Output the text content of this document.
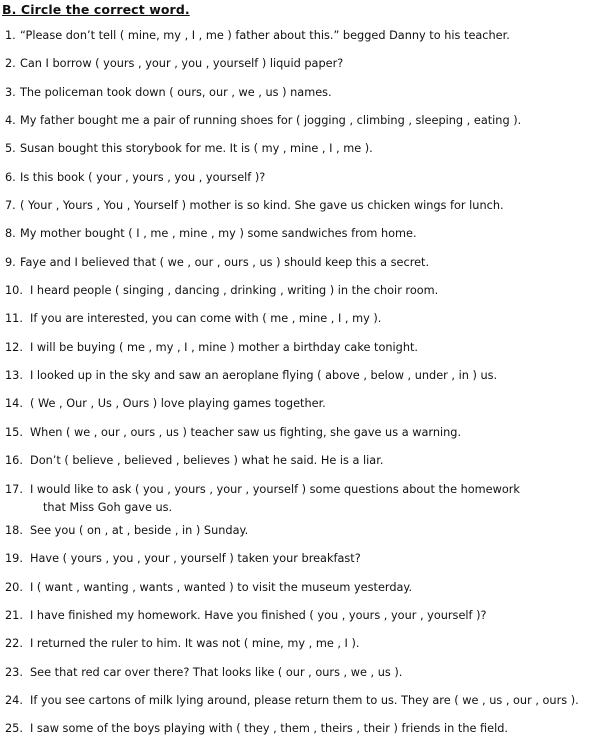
B. Circle the correct word.
1. “Please don’t tell ( mine, my , I , me ) father about this.” begged Danny to his teacher.
2. Can I borrow ( yours , your , you , yourself ) liquid paper?
3. The policeman took down ( ours, our , we , us ) names.
4. My father bought me a pair of running shoes for ( jogging , climbing , sleeping , eating ).
5. Susan bought this storybook for me. It is ( my , mine , I , me ).
6. Is this book ( your , yours , you , yourself )?
7. ( Your , Yours , You , Yourself ) mother is so kind. She gave us chicken wings for lunch.
8. My mother bought ( I , me , mine , my ) some sandwiches from home.
9. Faye and I believed that ( we , our , ours , us ) should keep this a secret.
10. I heard people ( singing , dancing , drinking , writing ) in the choir room.
11. If you are interested, you can come with ( me , mine , I , my ).
12. I will be buying ( me , my , I , mine ) mother a birthday cake tonight.
13. I looked up in the sky and saw an aeroplane flying ( above , below , under , in ) us.
14. ( We , Our , Us , Ours ) love playing games together.
15. When ( we , our , ours , us ) teacher saw us fighting, she gave us a warning.
16. Don’t ( believe , believed , believes ) what he said. He is a liar.
17. I would like to ask ( you , yours , your , yourself ) some questions about the homework
that Miss Goh gave us.
18. See you ( on , at , beside , in ) Sunday.
19. Have ( yours , you , your , yourself ) taken your breakfast?
20. I ( want , wanting , wants , wanted ) to visit the museum yesterday.
21. I have finished my homework. Have you finished ( you , yours , your , yourself )?
22. I returned the ruler to him. It was not ( mine, my , me , I ).
23. See that red car over there? That looks like ( our , ours , we , us ).
24. If you see cartons of milk lying around, please return them to us. They are ( we , us , our , ours ).
25. I saw some of the boys playing with ( they , them , theirs , their ) friends in the field.
